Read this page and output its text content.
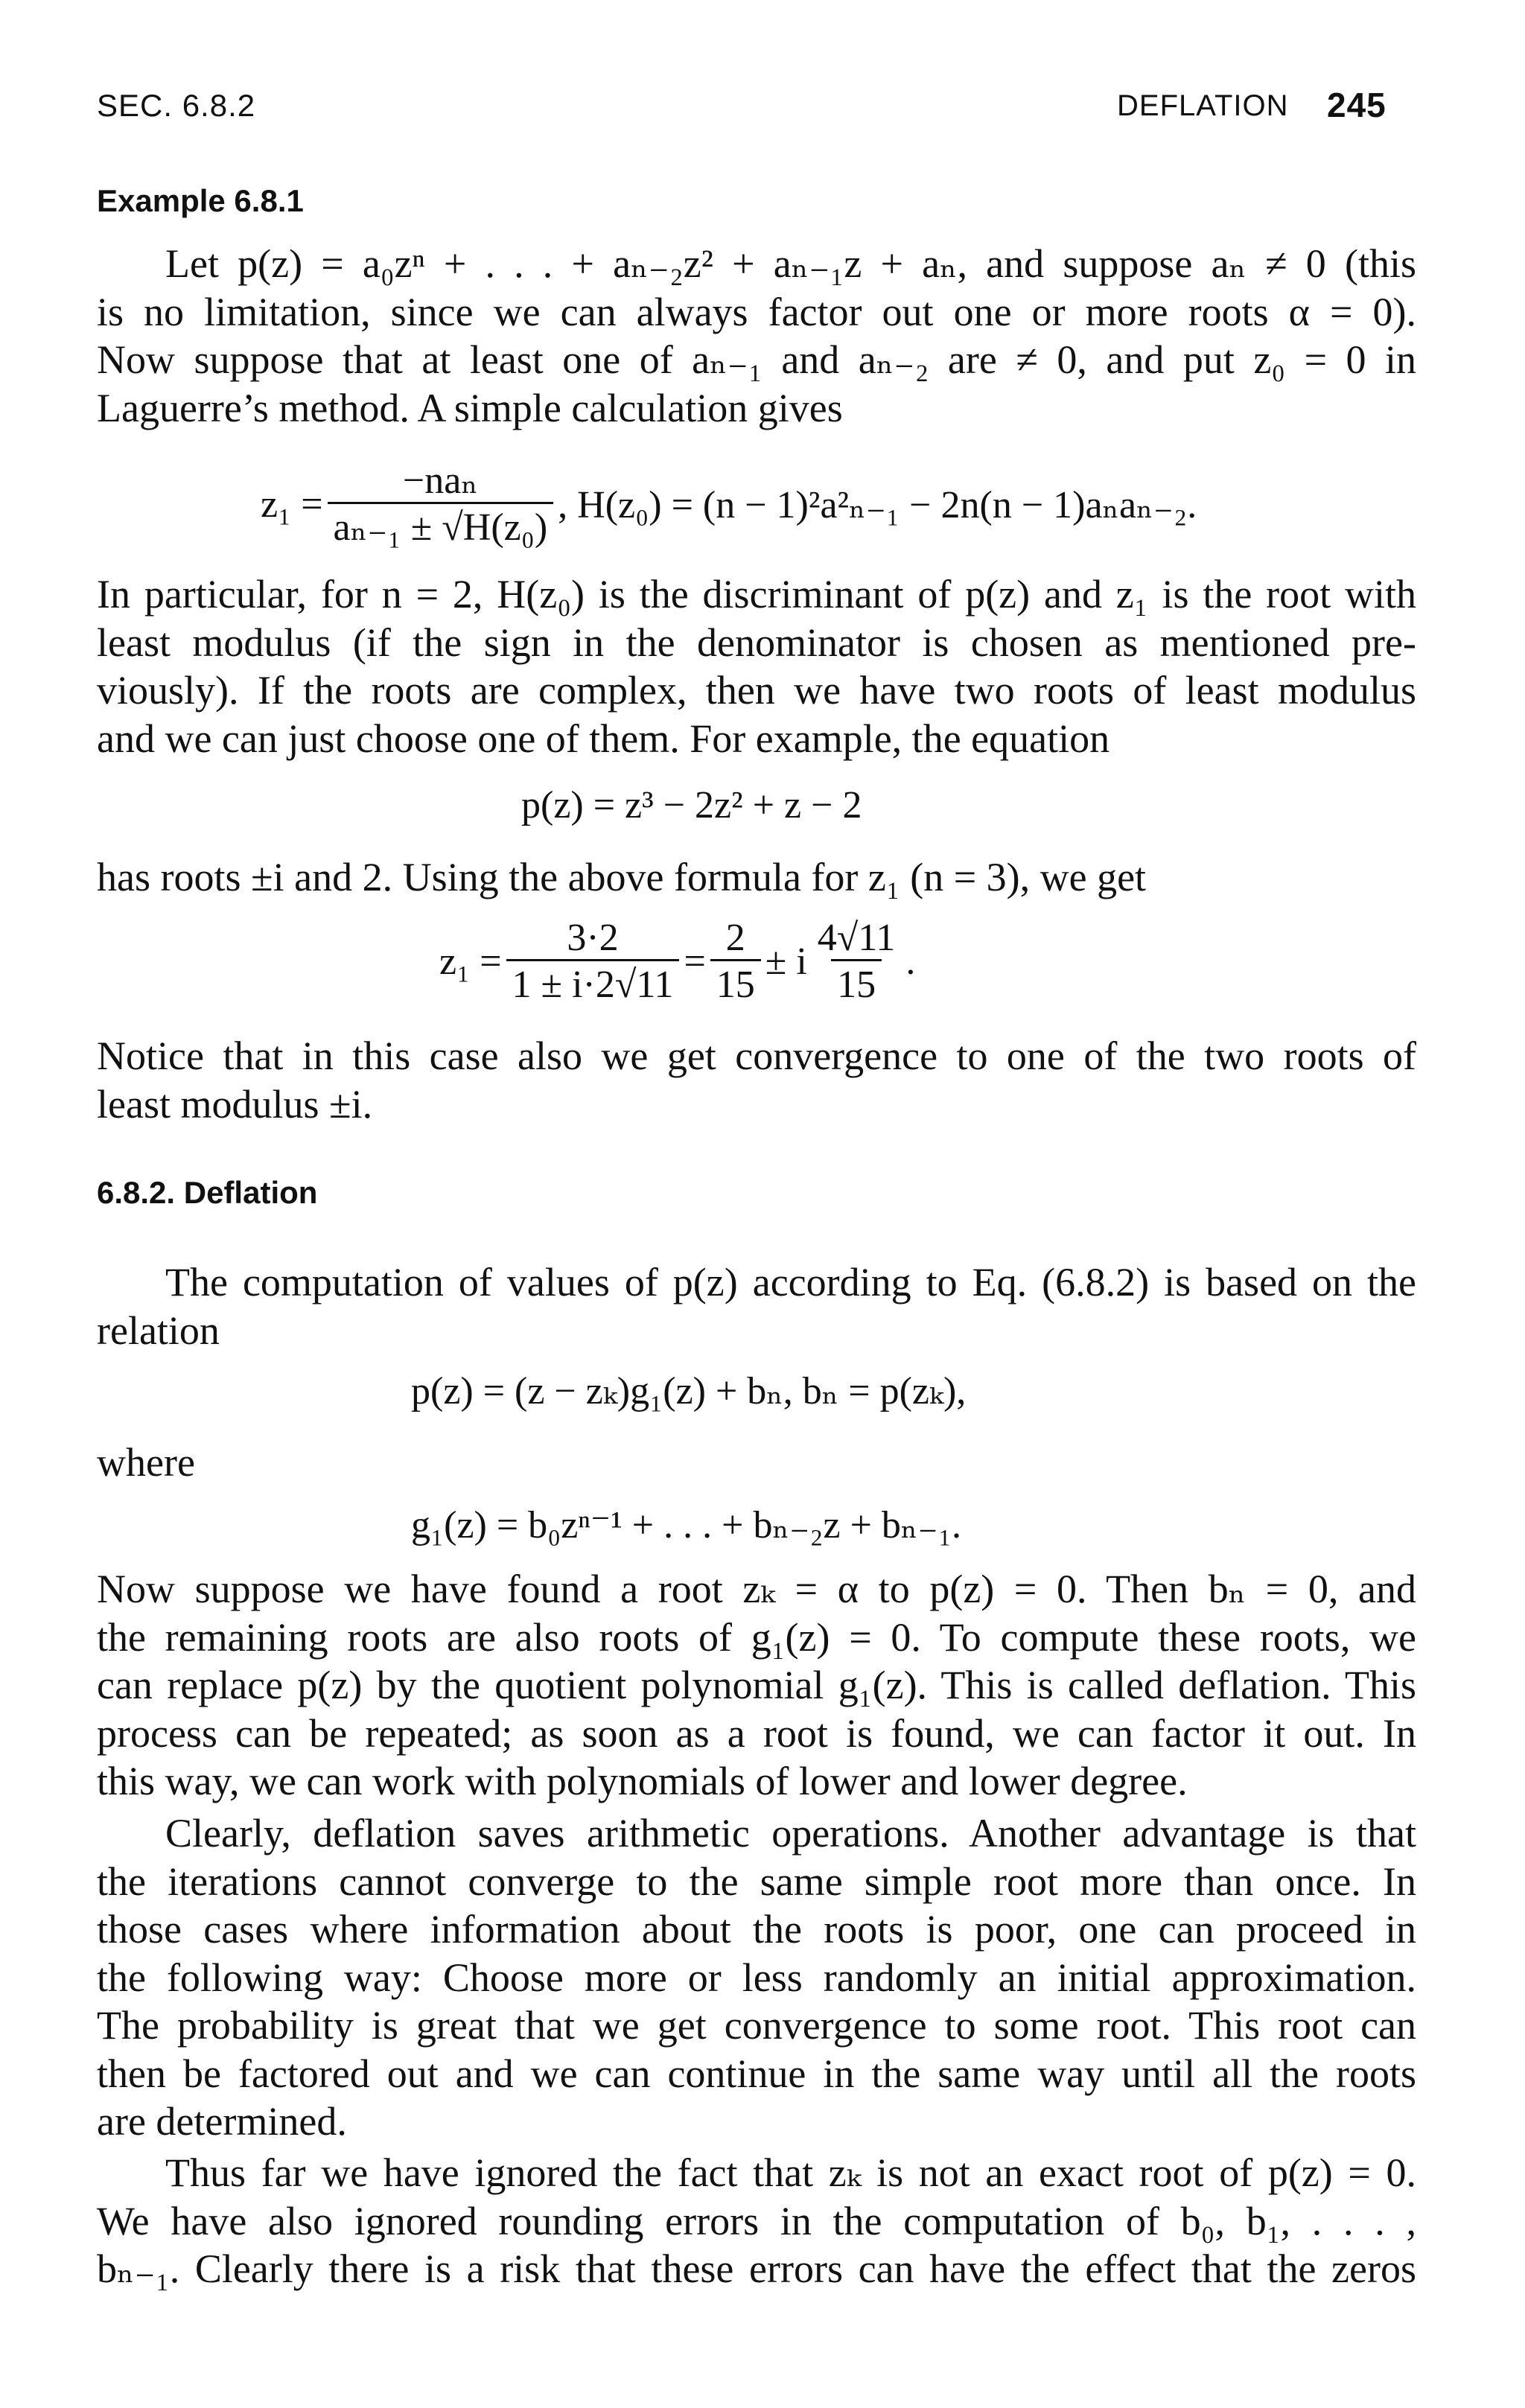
SEC. 6.8.2	DEFLATION 245
Example 6.8.1
Let p(z) = a₀zⁿ + . . . + aₙ₋₂z² + aₙ₋₁z + aₙ, and suppose aₙ ≠ 0 (this
is no limitation, since we can always factor out one or more roots α = 0).
Now suppose that at least one of aₙ₋₁ and aₙ₋₂ are ≠ 0, and put z₀ = 0 in
Laguerre’s method. A simple calculation gives
$z_1 = \frac{\text{−naₙ}}{\text{aₙ₋₁ ± √H(z₀)}}$ , H(z₀) = (n − 1)²a²ₙ₋₁ − 2n(n − 1)aₙaₙ₋₂.
In particular, for n = 2, H(z₀) is the discriminant of p(z) and z₁ is the root with
least modulus (if the sign in the denominator is chosen as mentioned pre-
viously). If the roots are complex, then we have two roots of least modulus
and we can just choose one of them. For example, the equation
p(z) = z³ − 2z² + z − 2
has roots ±i and 2. Using the above formula for z₁ (n = 3), we get
$z_1 = \frac{3\cdot 2}{1 \pm i\cdot 2√11} = \frac{2}{15} \pm i \frac{4√11}{15}$ .
Notice that in this case also we get convergence to one of the two roots of
least modulus ±i.
6.8.2. Deflation
The computation of values of p(z) according to Eq. (6.8.2) is based on the
relation
p(z) = (z − zₖ)g₁(z) + bₙ, bₙ = p(zₖ),
where
g₁(z) = b₀zⁿ⁻¹ + . . . + bₙ₋₂z + bₙ₋₁.
Now suppose we have found a root zₖ = α to p(z) = 0. Then bₙ = 0, and
the remaining roots are also roots of g₁(z) = 0. To compute these roots, we
can replace p(z) by the quotient polynomial g₁(z). This is called deflation. This
process can be repeated; as soon as a root is found, we can factor it out. In
this way, we can work with polynomials of lower and lower degree.
Clearly, deflation saves arithmetic operations. Another advantage is that
the iterations cannot converge to the same simple root more than once. In
those cases where information about the roots is poor, one can proceed in
the following way: Choose more or less randomly an initial approximation.
The probability is great that we get convergence to some root. This root can
then be factored out and we can continue in the same way until all the roots
are determined.
Thus far we have ignored the fact that zₖ is not an exact root of p(z) = 0.
We have also ignored rounding errors in the computation of b₀, b₁, . . . ,
bₙ₋₁. Clearly there is a risk that these errors can have the effect that the zeros
